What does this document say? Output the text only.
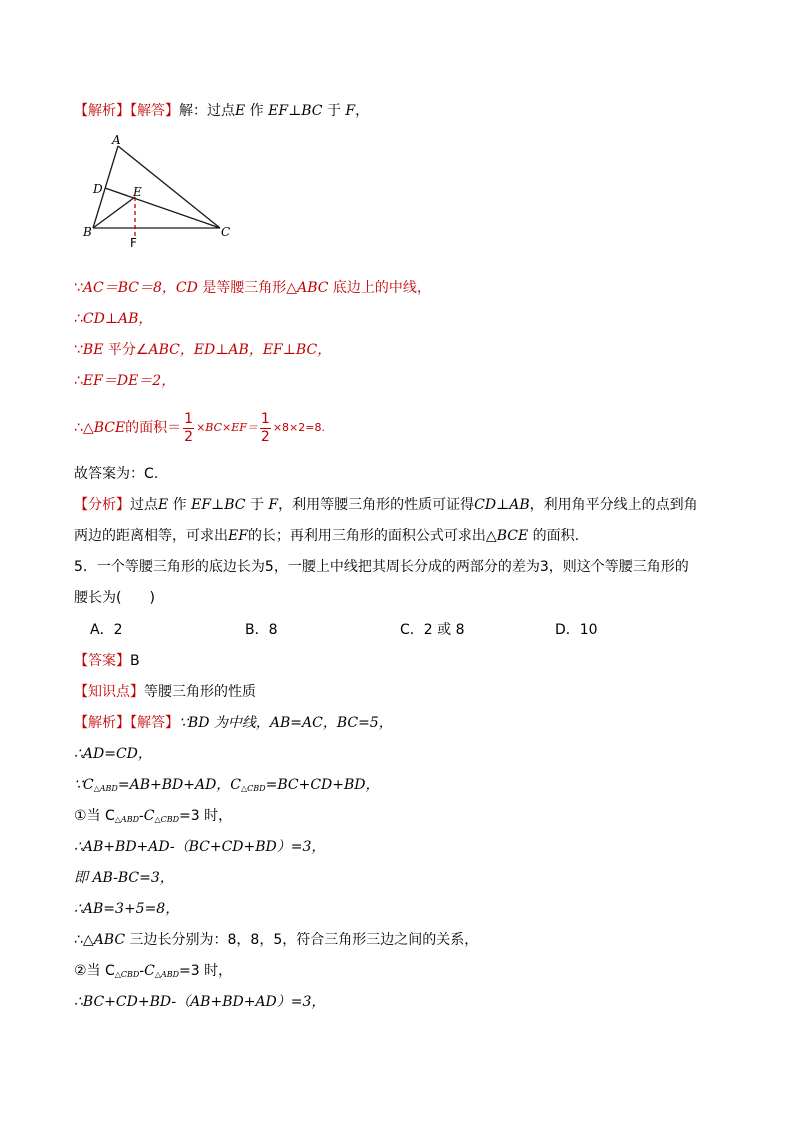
【解析】【解答】解：过点E 作 EF⊥BC 于 F，
A
D	E
B	C
F
∵AC＝BC＝8，CD 是等腰三角形△ABC 底边上的中线，
∴CD⊥AB，
∵BE 平分∠ABC，ED⊥AB，EF⊥BC，
∴EF＝DE＝2，
∴△ BCE 的面积＝ $\frac{1}{2} \times BC\times EF= \frac{1}{2} \times 8\times 2=8$.
故答案为：C.
【分析】过点E 作 EF⊥BC 于 F，利用等腰三角形的性质可证得CD⊥AB，利用角平分线上的点到角
两边的距离相等，可求出EF的长；再利用三角形的面积公式可求出△BCE 的面积.
5．一个等腰三角形的底边长为5，一腰上中线把其周长分成的两部分的差为3，则这个等腰三角形的
腰长为(　　)
A．2	B．8	C．2 或 8	D．10
【答案】B
【知识点】等腰三角形的性质
【解析】【解答】∵BD 为中线，AB=AC，BC=5，
∴AD=CD，
$\because C_{\triangle ABD}=AB+BD+AD$，$C_{\triangle CBD}=BC+CD+BD$，
①当 $C_{\triangle ABD}-C_{\triangle CBD}=3$ 时，
∴AB+BD+AD-（BC+CD+BD）=3，
即 AB-BC=3，
∴AB=3+5=8，
∴△ABC 三边长分别为：8，8，5，符合三角形三边之间的关系，
②当 $C_{\triangle CBD}-C_{\triangle ABD}=3$ 时，
∴BC+CD+BD-（AB+BD+AD）=3，
